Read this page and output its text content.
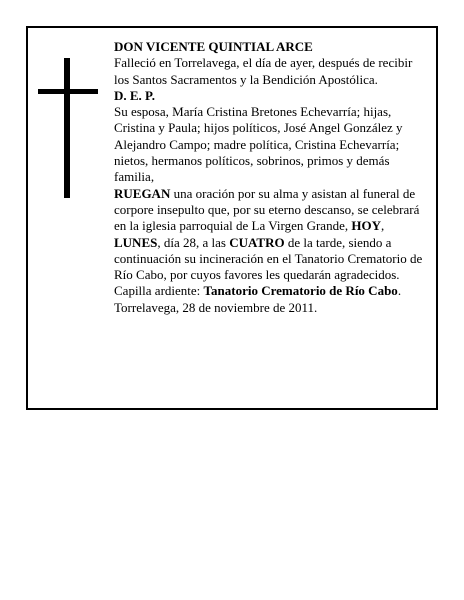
DON VICENTE QUINTIAL ARCE

Falleció en Torrelavega, el día de ayer, después de recibir los Santos Sacramentos y la Bendición Apostólica.

D. E. P.

Su esposa, María Cristina Bretones Echevarría; hijas, Cristina y Paula; hijos políticos, José Angel González y Alejandro Campo; madre política, Cristina Echevarría; nietos, hermanos políticos, sobrinos, primos y demás familia,

RUEGAN una oración por su alma y asistan al funeral de corpore insepulto que, por su eterno descanso, se celebrará en la iglesia parroquial de La Virgen Grande, HOY, LUNES, día 28, a las CUATRO de la tarde, siendo a continuación su incineración en el Tanatorio Crematorio de Río Cabo, por cuyos favores les quedarán agradecidos.

Capilla ardiente: Tanatorio Crematorio de Río Cabo.

Torrelavega, 28 de noviembre de 2011.
